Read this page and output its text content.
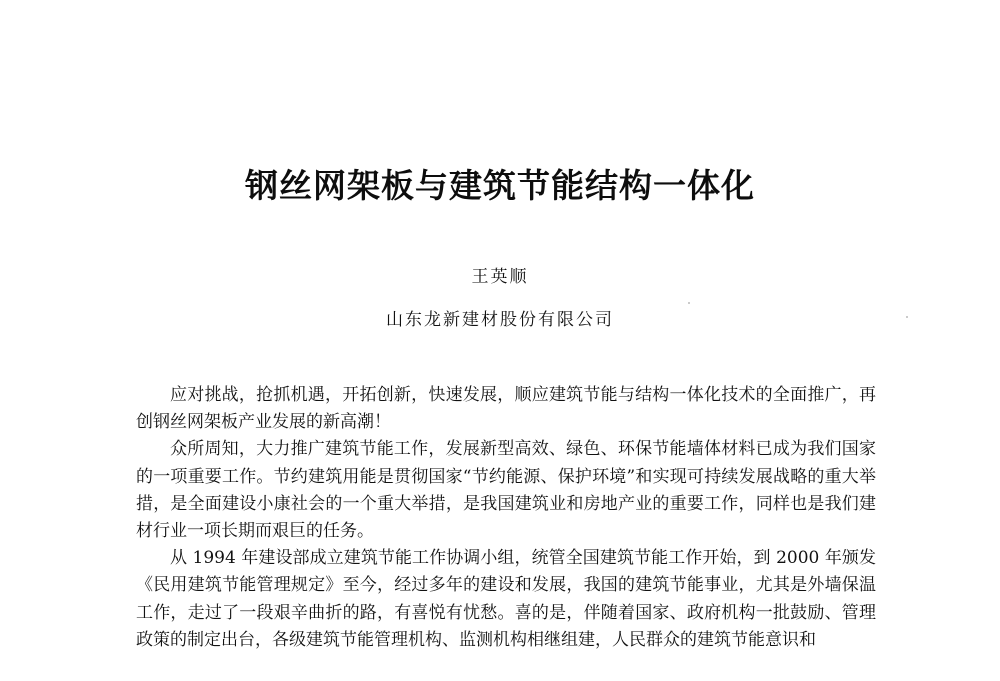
钢丝网架板与建筑节能结构一体化
王英顺
山东龙新建材股份有限公司

应对挑战，抢抓机遇，开拓创新，快速发展，顺应建筑节能与结构一体化技术的全面推广，再创钢丝网架板产业发展的新高潮！

众所周知，大力推广建筑节能工作，发展新型高效、绿色、环保节能墙体材料已成为我们国家的一项重要工作。节约建筑用能是贯彻国家“节约能源、保护环境”和实现可持续发展战略的重大举措，是全面建设小康社会的一个重大举措，是我国建筑业和房地产业的重要工作，同样也是我们建材行业一项长期而艰巨的任务。

从 1994 年建设部成立建筑节能工作协调小组，统管全国建筑节能工作开始，到 2000 年颁发《民用建筑节能管理规定》至今，经过多年的建设和发展，我国的建筑节能事业，尤其是外墙保温工作，走过了一段艰辛曲折的路，有喜悦有忧愁。喜的是，伴随着国家、政府机构一批鼓励、管理政策的制定出台，各级建筑节能管理机构、监测机构相继组建，人民群众的建筑节能意识和
